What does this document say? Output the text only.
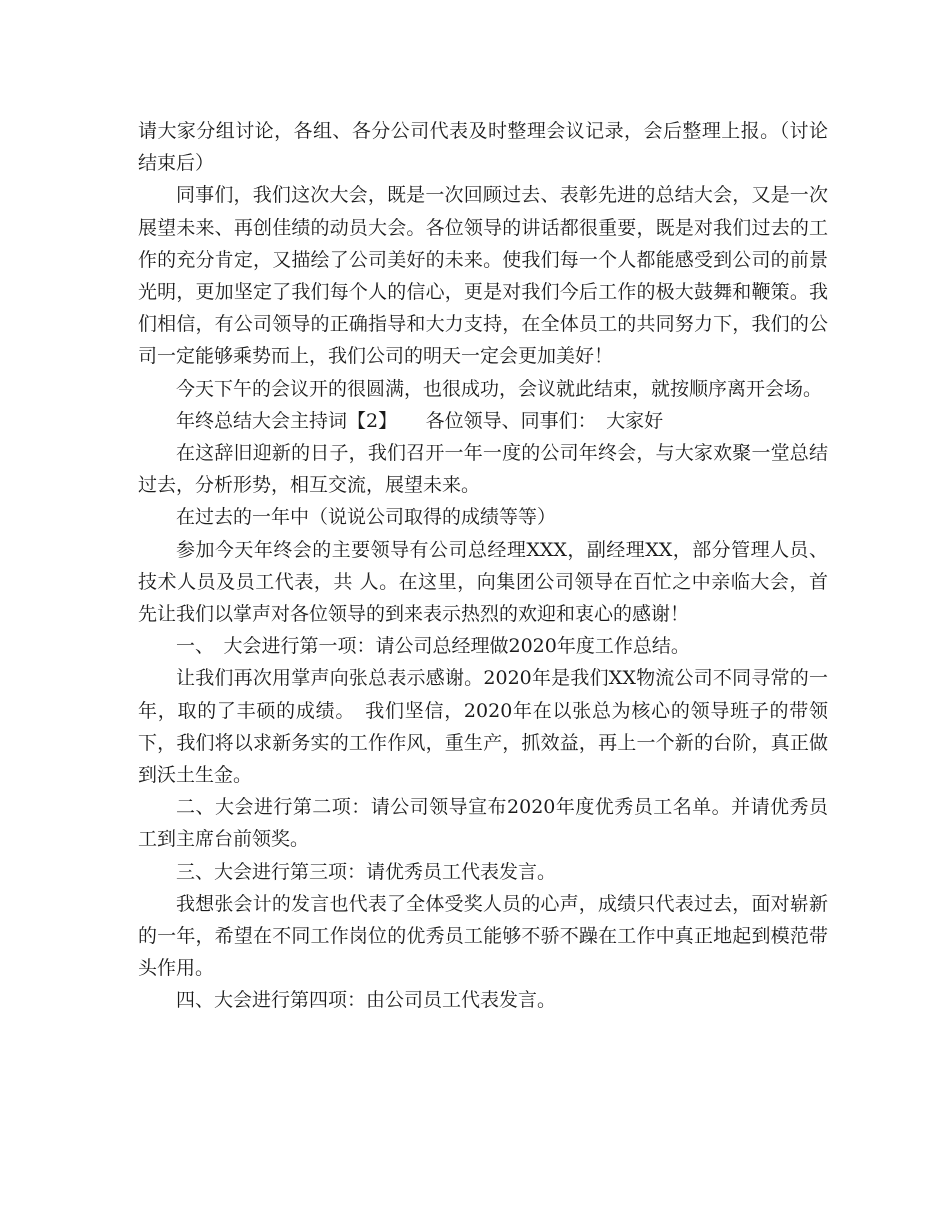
请大家分组讨论，各组、各分公司代表及时整理会议记录，会后整理上报。（讨论结束后）

同事们，我们这次大会，既是一次回顾过去、表彰先进的总结大会，又是一次展望未来、再创佳绩的动员大会。各位领导的讲话都很重要，既是对我们过去的工作的充分肯定，又描绘了公司美好的未来。使我们每一个人都能感受到公司的前景光明，更加坚定了我们每个人的信心，更是对我们今后工作的极大鼓舞和鞭策。我们相信，有公司领导的正确指导和大力支持，在全体员工的共同努力下，我们的公司一定能够乘势而上，我们公司的明天一定会更加美好！

今天下午的会议开的很圆满，也很成功，会议就此结束，就按顺序离开会场。

年终总结大会主持词【2】　　各位领导、同事们：　大家好

在这辞旧迎新的日子，我们召开一年一度的公司年终会，与大家欢聚一堂总结过去，分析形势，相互交流，展望未来。

在过去的一年中（说说公司取得的成绩等等）

参加今天年终会的主要领导有公司总经理XXX，副经理XX，部分管理人员、技术人员及员工代表，共 人。在这里，向集团公司领导在百忙之中亲临大会，首先让我们以掌声对各位领导的到来表示热烈的欢迎和衷心的感谢！

一、　大会进行第一项：请公司总经理做2020年度工作总结。

让我们再次用掌声向张总表示感谢。2020年是我们XX物流公司不同寻常的一年，取的了丰硕的成绩。　我们坚信，2020年在以张总为核心的领导班子的带领下，我们将以求新务实的工作作风，重生产，抓效益，再上一个新的台阶，真正做到沃土生金。

二、大会进行第二项：请公司领导宣布2020年度优秀员工名单。并请优秀员工到主席台前领奖。

三、大会进行第三项：请优秀员工代表发言。

我想张会计的发言也代表了全体受奖人员的心声，成绩只代表过去，面对崭新的一年，希望在不同工作岗位的优秀员工能够不骄不躁在工作中真正地起到模范带头作用。

四、大会进行第四项：由公司员工代表发言。
